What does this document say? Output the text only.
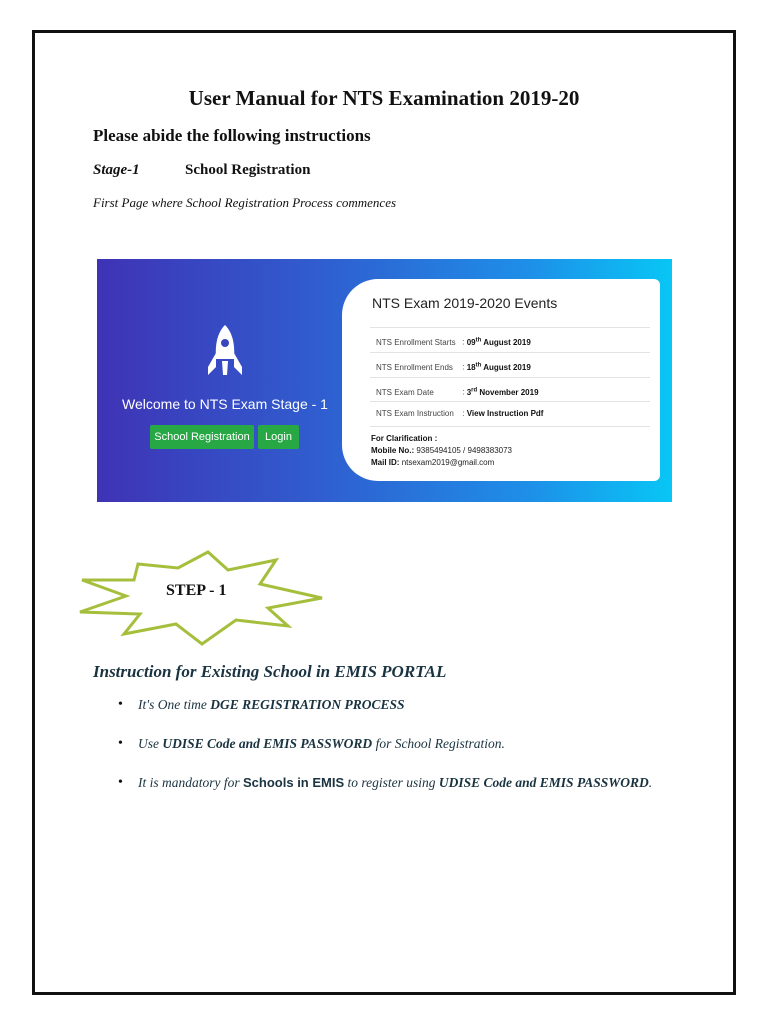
User Manual for NTS Examination 2019-20
Please abide the following instructions
Stage-1	School Registration
First Page where School Registration Process commences
Welcome to NTS Exam Stage - 1
School Registration	Login
NTS Exam 2019-2020 Events
NTS Enrollment Starts : 09th August 2019
NTS Enrollment Ends : 18th August 2019
NTS Exam Date	: 3rd November 2019
NTS Exam Instruction : View Instruction Pdf
For Clarification :
Mobile No.: 9385494105 / 9498383073
Mail ID: ntsexam2019@gmail.com
STEP - 1
Instruction for Existing School in EMIS PORTAL
• It's One time DGE REGISTRATION PROCESS
• Use UDISE Code and EMIS PASSWORD for School Registration.
• It is mandatory for Schools in EMIS to register using UDISE Code and EMIS PASSWORD.
